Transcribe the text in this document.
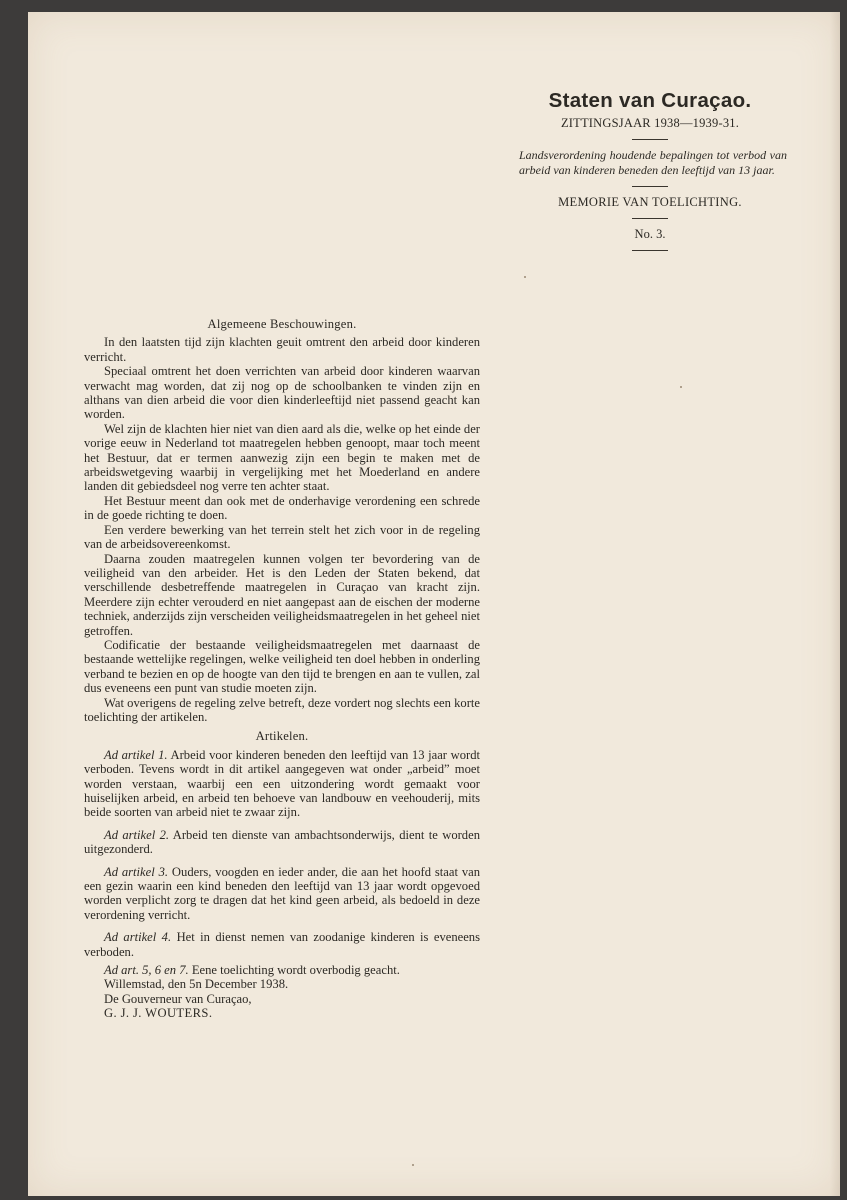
Staten van Curaçao.
ZITTINGSJAAR 1938—1939-31.
Landsverordening houdende bepalingen tot verbod van arbeid van kinderen beneden den leeftijd van 13 jaar.
MEMORIE VAN TOELICHTING.
No. 3.
Algemeene Beschouwingen.

In den laatsten tijd zijn klachten geuit omtrent den arbeid door kinderen verricht.

Speciaal omtrent het doen verrichten van arbeid door kinderen waarvan verwacht mag worden, dat zij nog op de schoolbanken te vinden zijn en althans van dien arbeid die voor dien kinderleeftijd niet passend geacht kan worden.

Wel zijn de klachten hier niet van dien aard als die, welke op het einde der vorige eeuw in Nederland tot maatregelen hebben genoopt, maar toch meent het Bestuur, dat er termen aanwezig zijn een begin te maken met de arbeidswetgeving waarbij in vergelijking met het Moederland en andere landen dit gebiedsdeel nog verre ten achter staat.

Het Bestuur meent dan ook met de onderhavige verordening een schrede in de goede richting te doen.

Een verdere bewerking van het terrein stelt het zich voor in de regeling van de arbeidsovereenkomst.

Daarna zouden maatregelen kunnen volgen ter bevordering van de veiligheid van den arbeider. Het is den Leden der Staten bekend, dat verschillende desbetreffende maatregelen in Curaçao van kracht zijn. Meerdere zijn echter verouderd en niet aangepast aan de eischen der moderne techniek, anderzijds zijn verscheiden veiligheidsmaatregelen in het geheel niet getroffen.

Codificatie der bestaande veiligheidsmaatregelen met daarnaast de bestaande wettelijke regelingen, welke veiligheid ten doel hebben in onderling verband te bezien en op de hoogte van den tijd te brengen en aan te vullen, zal dus eveneens een punt van studie moeten zijn.

Wat overigens de regeling zelve betreft, deze vordert nog slechts een korte toelichting der artikelen.

Artikelen.

Ad artikel 1. Arbeid voor kinderen beneden den leeftijd van 13 jaar wordt verboden. Tevens wordt in dit artikel aangegeven wat onder „arbeid” moet worden verstaan, waarbij een een uitzondering wordt gemaakt voor huiselijken arbeid, en arbeid ten behoeve van landbouw en veehouderij, mits beide soorten van arbeid niet te zwaar zijn.

Ad artikel 2. Arbeid ten dienste van ambachtsonderwijs, dient te worden uitgezonderd.

Ad artikel 3. Ouders, voogden en ieder ander, die aan het hoofd staat van een gezin waarin een kind beneden den leeftijd van 13 jaar wordt opgevoed worden verplicht zorg te dragen dat het kind geen arbeid, als bedoeld in deze verordening verricht.

Ad artikel 4. Het in dienst nemen van zoodanige kinderen is eveneens verboden.

Ad art. 5, 6 en 7. Eene toelichting wordt overbodig geacht.

Willemstad, den 5n December 1938.

De Gouverneur van Curaçao,

G. J. J. WOUTERS.
